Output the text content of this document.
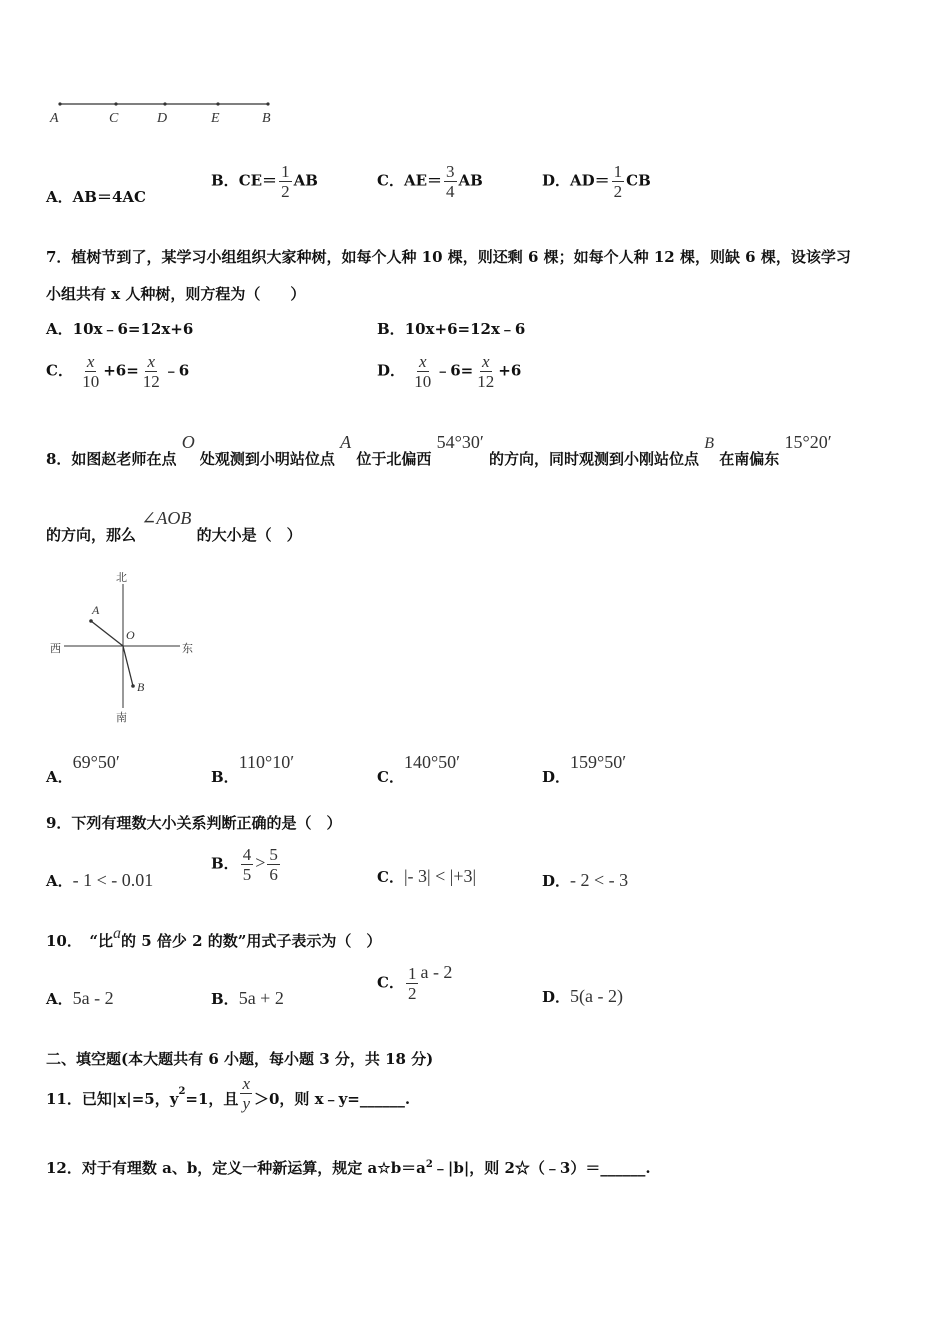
A	C	D	E	B
A．AB＝4AC
B．$CE= \frac{1}{2}$ AB	C．$AE= \frac{3}{4}$ AB	D．$AD= \frac{1}{2}$ CB
7．植树节到了，某学习小组组织大家种树，如每个人种 10 棵，则还剩 6 棵；如每个人种 12 棵，则缺 6 棵，设该学习
小组共有 x 人种树，则方程为（　　）
A．10x﹣6=12x+6	B．10x+6=12x﹣6
C． $\frac{x}{10} +6= \frac{x}{12}$ ﹣6	D． $\frac{x}{10}$ ﹣6= $\frac{x}{12} +6$
8．如图赵老师在点 O 处观测到小明站位点 A 位于北偏西 54°30′ 的方向，同时观测到小刚站位点 B 在南偏东 15°20′
的方向，那么 ∠AOB 的大小是（　）
北
南
西	东
O
A
B
A．69°50′
B．110°10′
C．140°50′
D．159°50′
9．下列有理数大小关系判断正确的是（　）
A．- 1 < - 0.01
B． $\frac{4}{5} > \frac{5}{6}$	C．|- 3| < |+3|	D．- 2 < - 3
10．　“比a的 5 倍少 2 的数”用式子表示为（　）
A．5a - 2	B．5a + 2
C． $\frac{1}{2}$ a - 2
D．5(a - 2)
二、填空题(本大题共有 6 小题，每小题 3 分，共 18 分)
11．已知|x|=5，$y^2=1$，且 $\frac{x}{y} >0$，则 x﹣y=______.
12．对于有理数 a、b，定义一种新运算，规定 $a☆b=a^2﹣|b|$，则 2☆（﹣3）＝______.
